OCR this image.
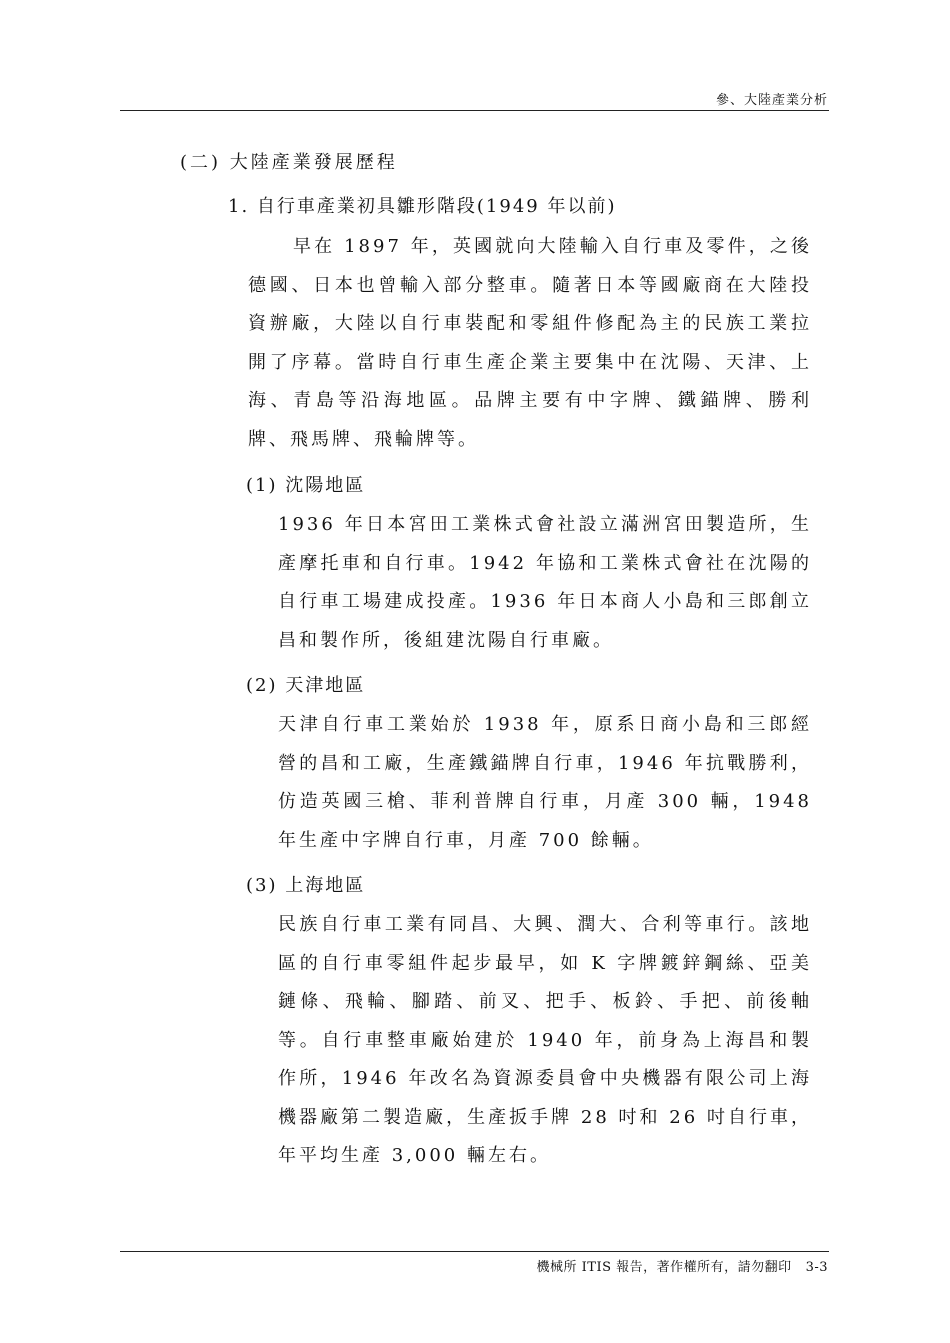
參、大陸產業分析
(二) 大陸產業發展歷程
1. 自行車產業初具雛形階段(1949 年以前)

早在 1897 年，英國就向大陸輸入自行車及零件，之後德國、日本也曾輸入部分整車。隨著日本等國廠商在大陸投資辦廠，大陸以自行車裝配和零組件修配為主的民族工業拉開了序幕。當時自行車生產企業主要集中在沈陽、天津、上海、青島等沿海地區。品牌主要有中字牌、鐵錨牌、勝利牌、飛馬牌、飛輪牌等。

(1) 沈陽地區

1936 年日本宮田工業株式會社設立滿洲宮田製造所，生產摩托車和自行車。1942 年協和工業株式會社在沈陽的自行車工場建成投產。1936 年日本商人小島和三郎創立昌和製作所，後組建沈陽自行車廠。

(2) 天津地區

天津自行車工業始於 1938 年，原系日商小島和三郎經營的昌和工廠，生產鐵錨牌自行車，1946 年抗戰勝利，仿造英國三槍、菲利普牌自行車，月產 300 輛，1948 年生產中字牌自行車，月產 700 餘輛。

(3) 上海地區

民族自行車工業有同昌、大興、潤大、合利等車行。該地區的自行車零組件起步最早，如 K 字牌鍍鋅鋼絲、亞美鏈條、飛輪、腳踏、前叉、把手、板鈴、手把、前後軸等。自行車整車廠始建於 1940 年，前身為上海昌和製作所，1946 年改名為資源委員會中央機器有限公司上海機器廠第二製造廠，生產扳手牌 28 吋和 26 吋自行車，年平均生產 3,000 輛左右。

機械所 ITIS 報告，著作權所有，請勿翻印 3-3
